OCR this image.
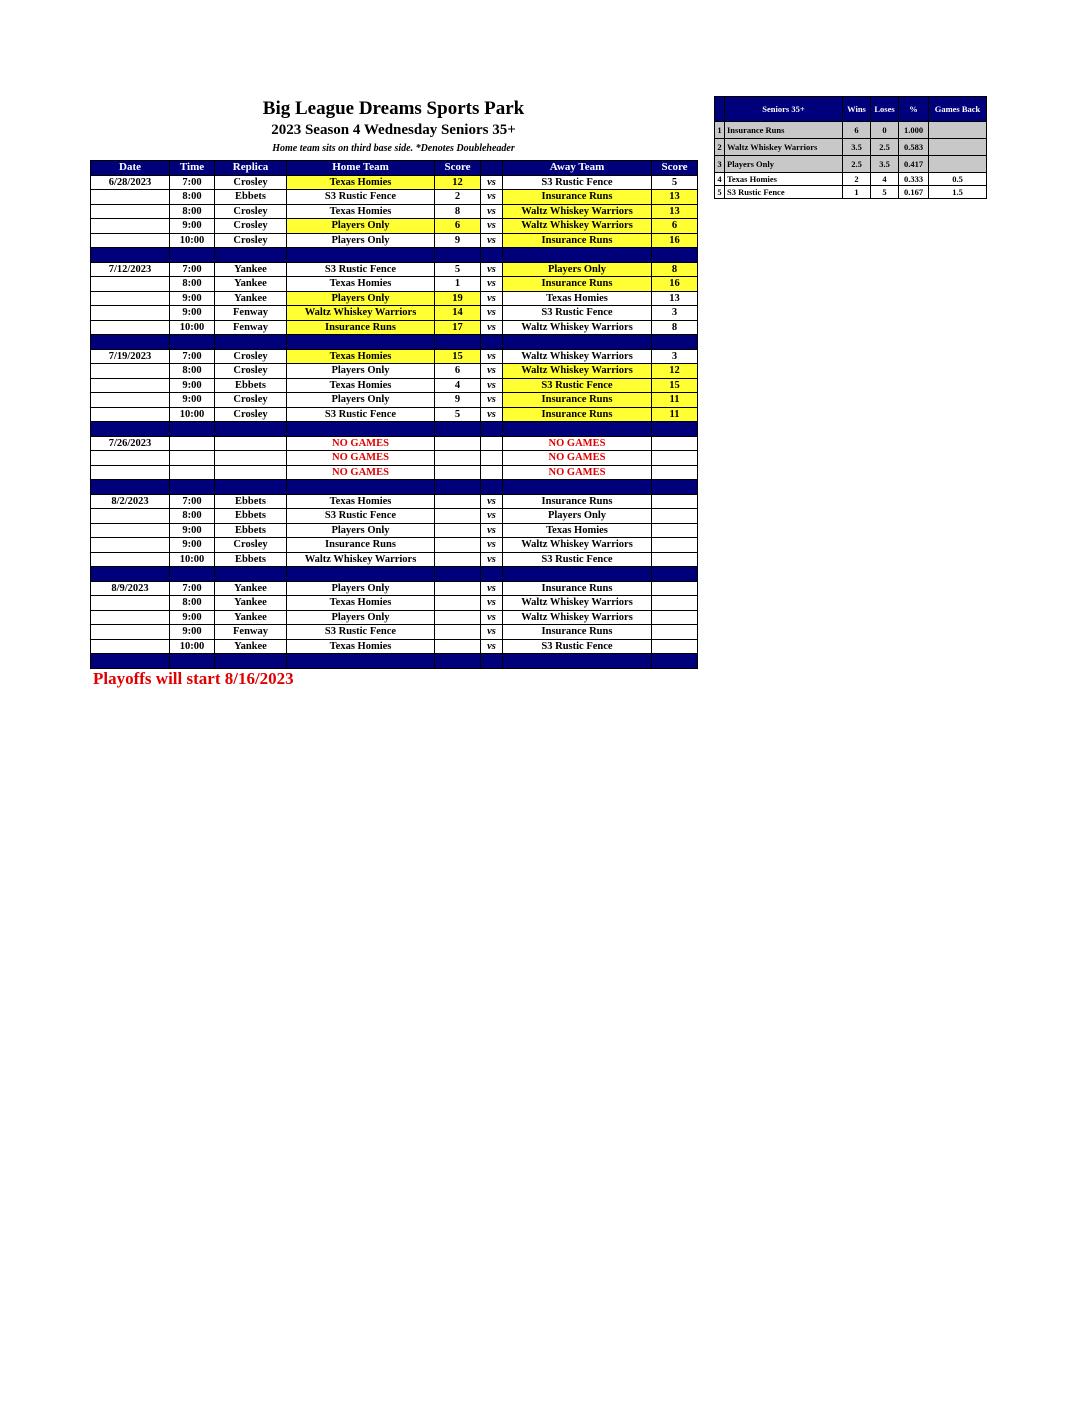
Big League Dreams Sports Park
2023 Season 4 Wednesday Seniors 35+
Home team sits on third base side. *Denotes Doubleheader
Date	Time	Replica	Home Team	Score		Away Team	Score
6/28/2023	7:00	Crosley	Texas Homies	12	vs	S3 Rustic Fence	5
	8:00	Ebbets	S3 Rustic Fence	2	vs	Insurance Runs	13
	8:00	Crosley	Texas Homies	8	vs	Waltz Whiskey Warriors	13
	9:00	Crosley	Players Only	6	vs	Waltz Whiskey Warriors	6
	10:00	Crosley	Players Only	9	vs	Insurance Runs	16

7/12/2023	7:00	Yankee	S3 Rustic Fence	5	vs	Players Only	8
	8:00	Yankee	Texas Homies	1	vs	Insurance Runs	16
	9:00	Yankee	Players Only	19	vs	Texas Homies	13
	9:00	Fenway	Waltz Whiskey Warriors	14	vs	S3 Rustic Fence	3
	10:00	Fenway	Insurance Runs	17	vs	Waltz Whiskey Warriors	8

7/19/2023	7:00	Crosley	Texas Homies	15	vs	Waltz Whiskey Warriors	3
	8:00	Crosley	Players Only	6	vs	Waltz Whiskey Warriors	12
	9:00	Ebbets	Texas Homies	4	vs	S3 Rustic Fence	15
	9:00	Crosley	Players Only	9	vs	Insurance Runs	11
	10:00	Crosley	S3 Rustic Fence	5	vs	Insurance Runs	11

7/26/2023			NO GAMES			NO GAMES	
			NO GAMES			NO GAMES	
			NO GAMES			NO GAMES	

8/2/2023	7:00	Ebbets	Texas Homies		vs	Insurance Runs	
	8:00	Ebbets	S3 Rustic Fence		vs	Players Only	
	9:00	Ebbets	Players Only		vs	Texas Homies	
	9:00	Crosley	Insurance Runs		vs	Waltz Whiskey Warriors	
	10:00	Ebbets	Waltz Whiskey Warriors		vs	S3 Rustic Fence	

8/9/2023	7:00	Yankee	Players Only		vs	Insurance Runs	
	8:00	Yankee	Texas Homies		vs	Waltz Whiskey Warriors	
	9:00	Yankee	Players Only		vs	Waltz Whiskey Warriors	
	9:00	Fenway	S3 Rustic Fence		vs	Insurance Runs	
	10:00	Yankee	Texas Homies		vs	S3 Rustic Fence	

Playoffs will start 8/16/2023
	Seniors 35+	Wins	Loses	%	Games Back
1	Insurance Runs	6	0	1.000	
2	Waltz Whiskey Warriors	3.5	2.5	0.583	
3	Players Only	2.5	3.5	0.417	
4	Texas Homies	2	4	0.333	0.5
5	S3 Rustic Fence	1	5	0.167	1.5
